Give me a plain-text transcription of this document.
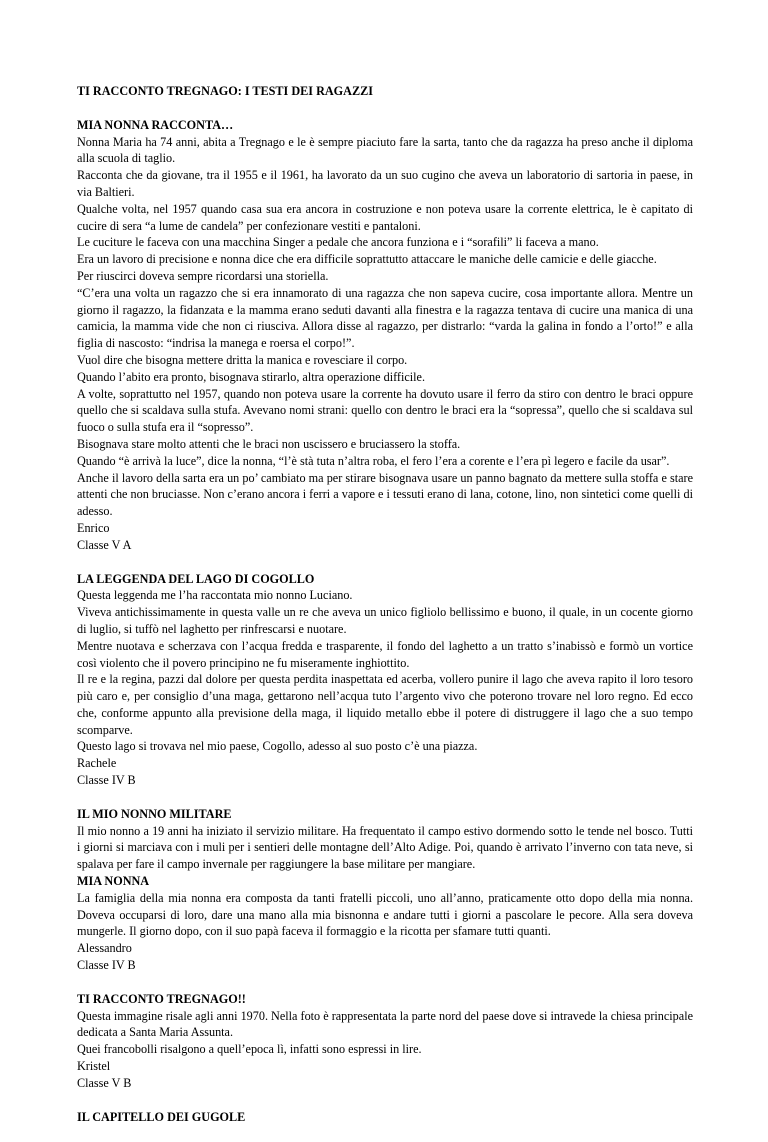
TI RACCONTO TREGNAGO: I TESTI DEI RAGAZZI
MIA NONNA RACCONTA…
Nonna Maria ha 74 anni, abita a Tregnago e le è sempre piaciuto fare la sarta, tanto che da ragazza ha preso anche il diploma alla scuola di taglio.
Racconta che da giovane, tra il 1955 e il 1961, ha lavorato da un suo cugino che aveva un laboratorio di sartoria in paese, in via Baltieri.
Qualche volta, nel 1957 quando casa sua era ancora in costruzione e non poteva usare la corrente elettrica, le è capitato di cucire di sera “a lume de candela” per confezionare vestiti e pantaloni.
Le cuciture le faceva con una macchina Singer a pedale che ancora funziona e i “sorafili” li faceva a mano.
Era un lavoro di precisione e nonna dice che era difficile soprattutto attaccare le maniche delle camicie e delle giacche.
Per riuscirci doveva sempre ricordarsi una storiella.
“C’era una volta un ragazzo che si era innamorato di una ragazza che non sapeva cucire, cosa importante allora. Mentre un giorno il ragazzo, la fidanzata e la mamma erano seduti davanti alla finestra e la ragazza tentava di cucire una manica di una camicia, la mamma vide che non ci riusciva. Allora disse al ragazzo, per distrarlo: “varda la galina in fondo a l’orto!” e alla figlia di nascosto: “indrisa la manega e roersa el corpo!”.
Vuol dire che bisogna mettere dritta la manica e rovesciare il corpo.
Quando l’abito era pronto, bisognava stirarlo, altra operazione difficile.
A volte, soprattutto nel 1957, quando non poteva usare la corrente ha dovuto usare il ferro da stiro con dentro le braci oppure quello che si scaldava sulla stufa. Avevano nomi strani: quello con dentro le braci era la “sopressa”, quello che si scaldava sul fuoco o sulla stufa era il “sopresso”.
Bisognava stare molto attenti che le braci non uscissero e bruciassero la stoffa.
Quando “è arrivà la luce”, dice la nonna, “l’è stà tuta n’altra roba, el fero l’era a corente e l’era pì legero e facile da usar”.
Anche il lavoro della sarta era un po’ cambiato ma per stirare bisognava usare un panno bagnato da mettere sulla stoffa e stare attenti che non bruciasse. Non c’erano ancora i ferri a vapore e i tessuti erano di lana, cotone, lino, non sintetici come quelli di adesso.
Enrico
Classe V A
LA LEGGENDA DEL LAGO DI COGOLLO
Questa leggenda me l’ha raccontata mio nonno Luciano.
Viveva antichissimamente in questa valle un re che aveva un unico figliolo bellissimo e buono, il quale, in un cocente giorno di luglio, si tuffò nel laghetto per rinfrescarsi e nuotare.
Mentre nuotava e scherzava con l’acqua fredda e trasparente, il fondo del laghetto a un tratto s’inabissò e formò un vortice così violento che il povero principino ne fu miseramente inghiottito.
Il re e la regina, pazzi dal dolore per questa perdita inaspettata ed acerba, vollero punire il lago che aveva rapito il loro tesoro più caro e, per consiglio d’una maga, gettarono nell’acqua tuto l’argento vivo che poterono trovare nel loro regno. Ed ecco che, conforme appunto alla previsione della maga, il liquido metallo ebbe il potere di distruggere il lago che a suo tempo scomparve.
Questo lago si trovava nel mio paese, Cogollo, adesso al suo posto c’è una piazza.
Rachele
Classe IV B
IL MIO NONNO MILITARE
Il mio nonno a 19 anni ha iniziato il servizio militare. Ha frequentato il campo estivo dormendo sotto le tende nel bosco. Tutti i giorni si marciava con i muli per i sentieri delle montagne dell’Alto Adige. Poi, quando è arrivato l’inverno con tata neve, si spalava per fare il campo invernale per raggiungere la base militare per mangiare.
MIA NONNA
La famiglia della mia nonna era composta da tanti fratelli piccoli, uno all’anno, praticamente otto dopo della mia nonna. Doveva occuparsi di loro, dare una mano alla mia bisnonna e andare tutti i giorni a pascolare le pecore. Alla sera doveva mungerle. Il giorno dopo, con il suo papà faceva il formaggio e la ricotta per sfamare tutti quanti.
Alessandro
Classe IV B
TI RACCONTO TREGNAGO!!
Questa immagine risale agli anni 1970. Nella foto è rappresentata la parte nord del paese dove si intravede la chiesa principale dedicata a Santa Maria Assunta.
Quei francobolli risalgono a quell’epoca lì, infatti sono espressi in lire.
Kristel
Classe V B
IL CAPITELLO DEI GUGOLE
